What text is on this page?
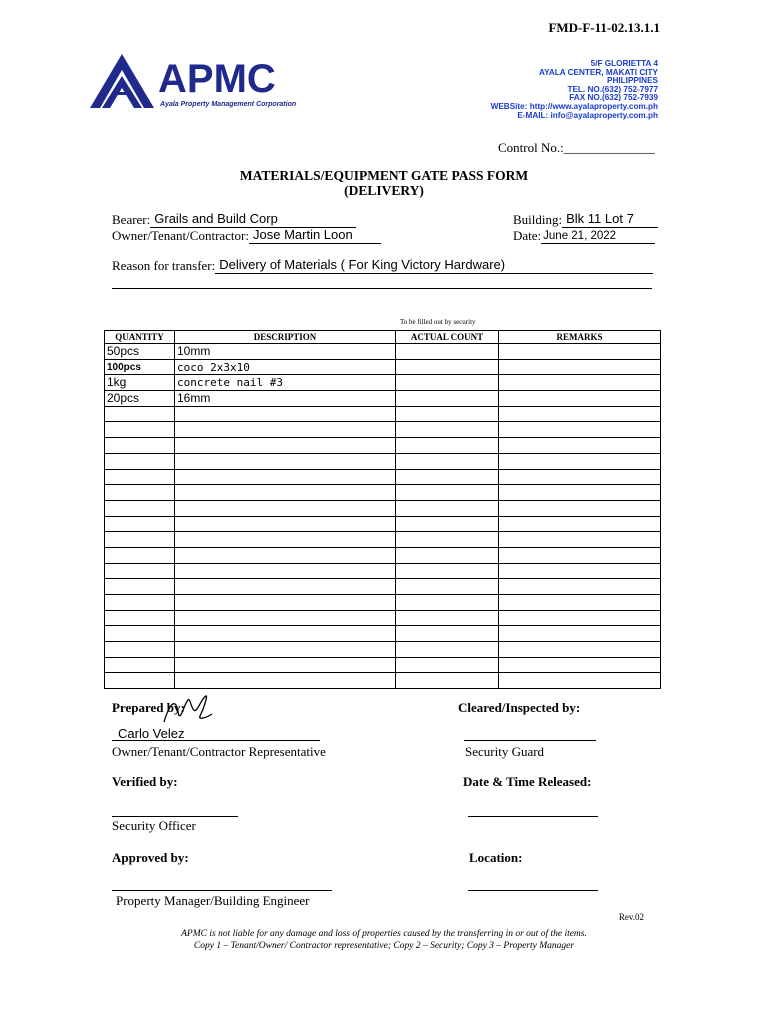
FMD-F-11-02.13.1.1
APMC
Ayala Property Management Corporation
5/F GLORIETTA 4
AYALA CENTER, MAKATI CITY
PHILIPPINES
TEL. NO.(632) 752-7977
FAX NO.(632) 752-7939
WEBSite: http://www.ayalaproperty.com.ph
E-MAIL: info@ayalaproperty.com.ph
Control No.:______________
MATERIALS/EQUIPMENT GATE PASS FORM
(DELIVERY)
Bearer: Grails and Build Corp
Owner/Tenant/Contractor: Jose Martin Loon
Building: Blk 11 Lot 7
Date: June 21, 2022
Reason for transfer: Delivery of Materials ( For King Victory Hardware)
To be filled out by security
QUANTITY	DESCRIPTION	ACTUAL COUNT	REMARKS
50pcs	10mm		
100pcs	coco 2x3x10		
1kg	concrete nail #3		
20pcs	16mm		

Prepared by:
Carlo Velez
Owner/Tenant/Contractor Representative
Cleared/Inspected by:
Security Guard
Verified by:
Security Officer
Date & Time Released:
Approved by:
Property Manager/Building Engineer
Location:
Rev.02
APMC is not liable for any damage and loss of properties caused by the transferring in or out of the items.
Copy 1 – Tenant/Owner/ Contractor representative; Copy 2 – Security; Copy 3 – Property Manager
